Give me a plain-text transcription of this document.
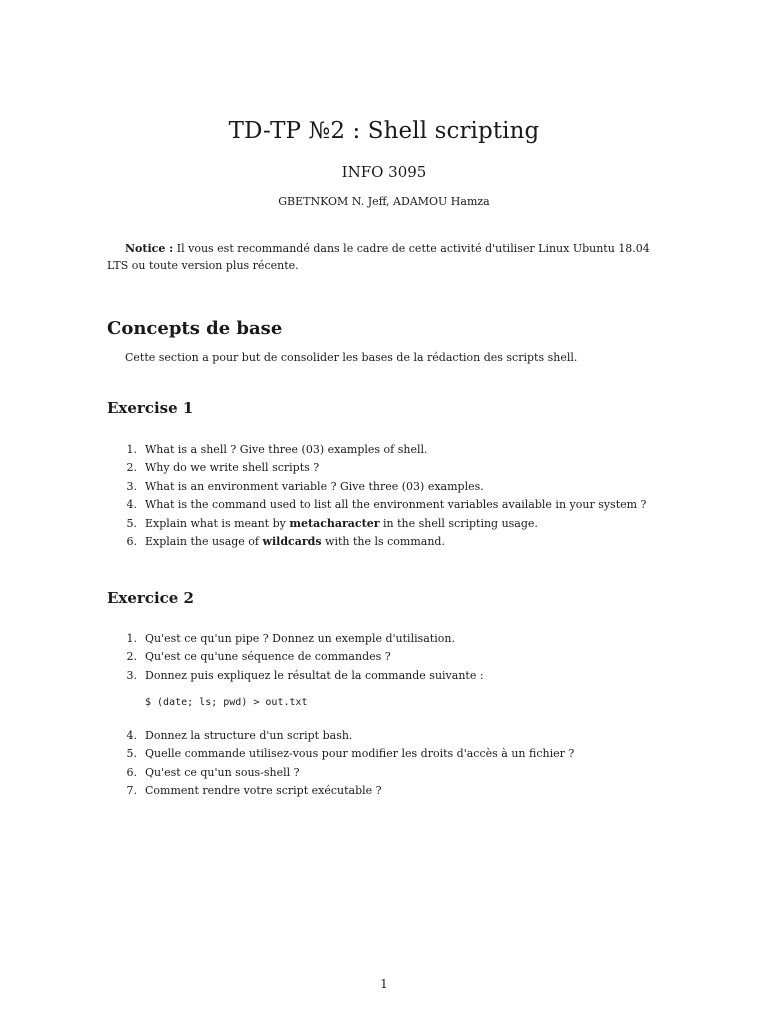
TD-TP №2 : Shell scripting
INFO 3095
GBETNKOM N. Jeff, ADAMOU Hamza
Notice : Il vous est recommandé dans le cadre de cette activité d'utiliser Linux Ubuntu 18.04 LTS ou toute version plus récente.
Concepts de base
Cette section a pour but de consolider les bases de la rédaction des scripts shell.
Exercise 1
1. What is a shell ? Give three (03) examples of shell.
2. Why do we write shell scripts ?
3. What is an environment variable ? Give three (03) examples.
4. What is the command used to list all the environment variables available in your system ?
5. Explain what is meant by metacharacter in the shell scripting usage.
6. Explain the usage of wildcards with the ls command.
Exercice 2
1. Qu'est ce qu'un pipe ? Donnez un exemple d'utilisation.
2. Qu'est ce qu'une séquence de commandes ?
3. Donnez puis expliquez le résultat de la commande suivante :
$ (date; ls; pwd) > out.txt
4. Donnez la structure d'un script bash.
5. Quelle commande utilisez-vous pour modifier les droits d'accès à un fichier ?
6. Qu'est ce qu'un sous-shell ?
7. Comment rendre votre script exécutable ?
1
